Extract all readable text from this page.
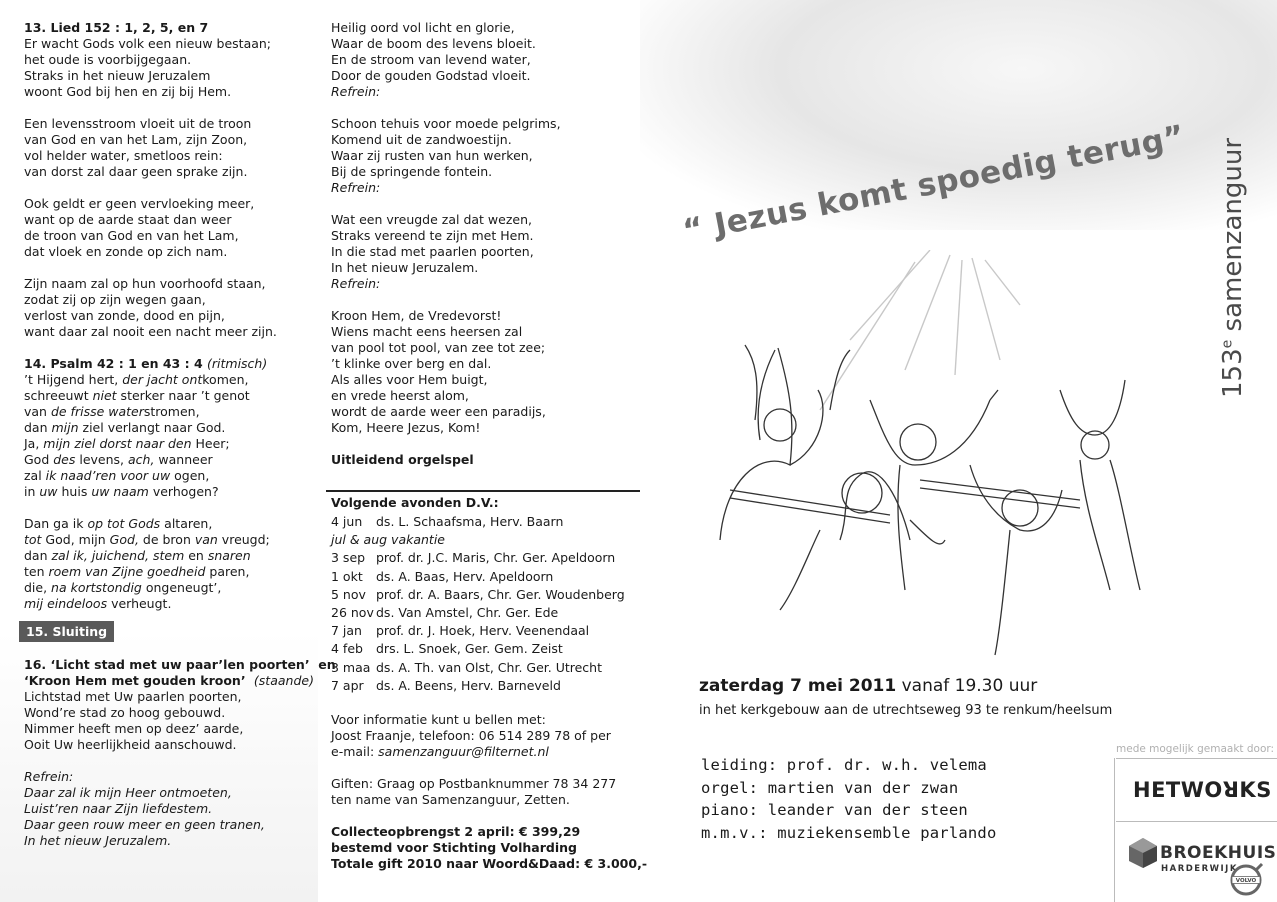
13. Lied 152 : 1, 2, 5, en 7
Er wacht Gods volk een nieuw bestaan;
het oude is voorbijgegaan.
Straks in het nieuw Jeruzalem
woont God bij hen en zij bij Hem.
Een levensstroom vloeit uit de troon
van God en van het Lam, zijn Zoon,
vol helder water, smetloos rein:
van dorst zal daar geen sprake zijn.
Ook geldt er geen vervloeking meer,
want op de aarde staat dan weer
de troon van God en van het Lam,
dat vloek en zonde op zich nam.
Zijn naam zal op hun voorhoofd staan,
zodat zij op zijn wegen gaan,
verlost van zonde, dood en pijn,
want daar zal nooit een nacht meer zijn.
14. Psalm 42 : 1 en 43 : 4 (ritmisch)
’t Hijgend hert, der jacht ontkomen,
schreeuwt niet sterker naar ’t genot
van de frisse waterstromen,
dan mijn ziel verlangt naar God.
Ja, mijn ziel dorst naar den Heer;
God des levens, ach, wanneer
zal ik naad’ren voor uw ogen,
in uw huis uw naam verhogen?
Dan ga ik op tot Gods altaren,
tot God, mijn God, de bron van vreugd;
dan zal ik, juichend, stem en snaren
ten roem van Zijne goedheid paren,
die, na kortstondig ongeneugt’,
mij eindeloos verheugt.
15. Sluiting
16. ‘Licht stad met uw paar’len poorten’  en
‘Kroon Hem met gouden kroon’  (staande)
Lichtstad met Uw paarlen poorten,
Wond’re stad zo hoog gebouwd.
Nimmer heeft men op deez’ aarde,
Ooit Uw heerlijkheid aanschouwd.
Refrein:
Daar zal ik mijn Heer ontmoeten,
Luist’ren naar Zijn liefdestem.
Daar geen rouw meer en geen tranen,
In het nieuw Jeruzalem.
Heilig oord vol licht en glorie,
Waar de boom des levens bloeit.
En de stroom van levend water,
Door de gouden Godstad vloeit.
Refrein:
Schoon tehuis voor moede pelgrims,
Komend uit de zandwoestijn.
Waar zij rusten van hun werken,
Bij de springende fontein.
Refrein:
Wat een vreugde zal dat wezen,
Straks vereend te zijn met Hem.
In die stad met paarlen poorten,
In het nieuw Jeruzalem.
Refrein:
Kroon Hem, de Vredevorst!
Wiens macht eens heersen zal
van pool tot pool, van zee tot zee;
’t klinke over berg en dal.
Als alles voor Hem buigt,
en vrede heerst alom,
wordt de aarde weer een paradijs,
Kom, Heere Jezus, Kom!
Uitleidend orgelspel
Volgende avonden D.V.:
4 jun ds. L. Schaafsma, Herv. Baarn
jul & aug vakantie
3 sep prof. dr. J.C. Maris, Chr. Ger. Apeldoorn
1 okt ds. A. Baas, Herv. Apeldoorn
5 nov prof. dr. A. Baars, Chr. Ger. Woudenberg
26 nov ds. Van Amstel, Chr. Ger. Ede
7 jan prof. dr. J. Hoek, Herv. Veenendaal
4 feb drs. L. Snoek, Ger. Gem. Zeist
3 maa ds. A. Th. van Olst, Chr. Ger. Utrecht
7 apr ds. A. Beens, Herv. Barneveld
Voor informatie kunt u bellen met:
Joost Fraanje, telefoon: 06 514 289 78 of per
e-mail: samenzanguur@filternet.nl
Giften: Graag op Postbanknummer 78 34 277
ten name van Samenzanguur, Zetten.
Collecteopbrengst 2 april: € 399,29
bestemd voor Stichting Volharding
Totale gift 2010 naar Woord&Daad: € 3.000,-
“ Jezus komt spoedig terug”
153e samenzanguur
zaterdag 7 mei 2011 vanaf 19.30 uur
in het kerkgebouw aan de utrechtseweg 93 te renkum/heelsum
leiding: prof. dr. w.h. velema
orgel: martien van der zwan
piano: leander van der steen
m.m.v.: muziekensemble parlando
mede mogelijk gemaakt door:
HETWOꓤKS
BROEKHUIS
HARDERWIJK
VOLVO
